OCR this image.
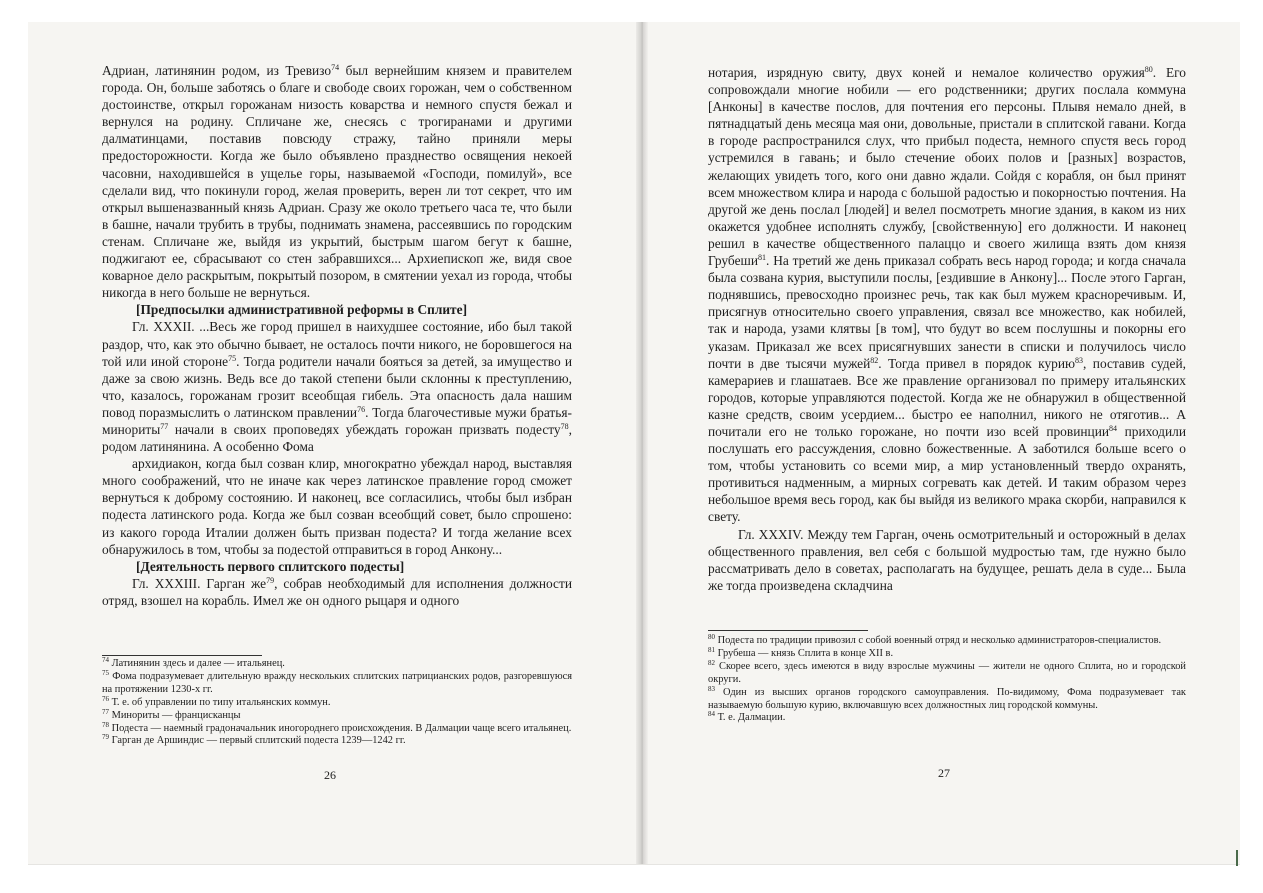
Адриан, латинянин родом, из Тревизо$^{74}$ был вернейшим князем и правителем города. Он, больше заботясь о благе и свободе своих горожан, чем о собственном достоинстве, открыл горожанам низость коварства и немного спустя бежал и вернулся на родину. Спличане же, снесясь с трогиранами и другими далматинцами, поставив повсюду стражу, тайно приняли меры предосторожности. Когда же было объявлено празднество освящения некоей часовни, находившейся в ущелье горы, называемой «Господи, помилуй», все сделали вид, что покинули город, желая проверить, верен ли тот секрет, что им открыл вышеназванный князь Адриан. Сразу же около третьего часа те, что были в башне, начали трубить в трубы, поднимать знамена, рассеявшись по городским стенам. Спличане же, выйдя из укрытий, быстрым шагом бегут к башне, поджигают ее, сбрасывают со стен забравшихся... Архиепископ же, видя свое коварное дело раскрытым, покрытый позором, в смятении уехал из города, чтобы никогда в него больше не вернуться.

[Предпосылки административной реформы в Сплите]

Гл. XXXII. ...Весь же город пришел в наихудшее состояние, ибо был такой раздор, что, как это обычно бывает, не осталось почти никого, не боровшегося на той или иной стороне$^{75}$. Тогда родители начали бояться за детей, за имущество и даже за свою жизнь. Ведь все до такой степени были склонны к преступлению, что, казалось, горожанам грозит всеобщая гибель. Эта опасность дала нашим повод поразмыслить о латинском правлении$^{76}$. Тогда благочестивые мужи братья-минориты$^{77}$ начали в своих проповедях убеждать горожан призвать подесту$^{78}$, родом латинянина. А особенно Фома

архидиакон, когда был созван клир, многократно убеждал народ, выставляя много соображений, что не иначе как через латинское правление город сможет вернуться к доброму состоянию. И наконец, все согласились, чтобы был избран подеста латинского рода. Когда же был созван всеобщий совет, было спрошено: из какого города Италии должен быть призван подеста? И тогда желание всех обнаружилось в том, чтобы за подестой отправиться в город Анкону...

[Деятельность первого сплитского подесты]

Гл. XXXIII. Гарган $же^{79}$, собрав необходимый для исполнения должности отряд, взошел на корабль. Имел же он одного рыцаря и одного

$^{74}$ Латинянин здесь и далее — итальянец.

$^{75}$ Фома подразумевает длительную вражду нескольких сплитских патрицианских родов, разгоревшуюся на протяжении 1230-х гг.

$^{76}$ Т. е. об управлении по типу итальянских коммун.

$^{77}$ Минориты — францисканцы

$^{78}$ Подеста — наемный градоначальник иногороднего происхождения. В Далмации чаще всего итальянец.

$^{79}$ Гарган де Аршиндис — первый сплитский подеста 1239—1242 гг.

26

нотария, изрядную свиту, двух коней и немалое количество оружия$^{80}$. Его сопровождали многие нобили — его родственники; других послала коммуна [Анконы] в качестве послов, для почтения его персоны. Плывя немало дней, в пятнадцатый день месяца мая они, довольные, пристали в сплитской гавани. Когда в городе распространился слух, что прибыл подеста, немного спустя весь город устремился в гавань; и было стечение обоих полов и [разных] возрастов, желающих увидеть того, кого они давно ждали. Сойдя с корабля, он был принят всем множеством клира и народа с большой радостью и покорностью почтения. На другой же день послал [людей] и велел посмотреть многие здания, в каком из них окажется удобнее исполнять службу, [свойственную] его должности. И наконец решил в качестве общественного палаццо и своего жилища взять дом князя Грубеши$^{81}$. На третий же день приказал собрать весь народ города; и когда сначала была созвана курия, выступили послы, [ездившие в Анкону]... После этого Гарган, поднявшись, превосходно произнес речь, так как был мужем красноречивым. И, присягнув относительно своего управления, связал все множество, как нобилей, так и народа, узами клятвы [в том], что будут во всем послушны и покорны его указам. Приказал же всех присягнувших занести в списки и получилось число почти в две тысячи мужей$^{82}$. Тогда привел в порядок курию$^{83}$, поставив судей, камерариев и глашатаев. Все же правление организовал по примеру итальянских городов, которые управляются подестой. Когда же не обнаружил в общественной казне средств, своим усердием... быстро ее наполнил, никого не отяготив... А почитали его не только горожане, но почти изо всей провинции$^{84}$ приходили послушать его рассуждения, словно божественные. А заботился больше всего о том, чтобы установить со всеми мир, а мир установленный твердо охранять, противиться надменным, а мирных согревать как детей. И таким образом через небольшое время весь город, как бы выйдя из великого мрака скорби, направился к свету.

Гл. XXXIV. Между тем Гарган, очень осмотрительный и осторожный в делах общественного правления, вел себя с большой мудростью там, где нужно было рассматривать дело в советах, располагать на будущее, решать дела в суде... Была же тогда произведена складчина

$^{80}$ Подеста по традиции привозил с собой военный отряд и несколько администраторов-специалистов.

$^{81}$ Грубеша — князь Сплита в конце XII в.

$^{82}$ Скорее всего, здесь имеются в виду взрослые мужчины — жители не одного Сплита, но и городской округи.

$^{83}$ Один из высших органов городского самоуправления. По-видимому, Фома подразумевает так называемую большую курию, включавшую всех должностных лиц городской коммуны.

$^{84}$ Т. е. Далмации.

27
